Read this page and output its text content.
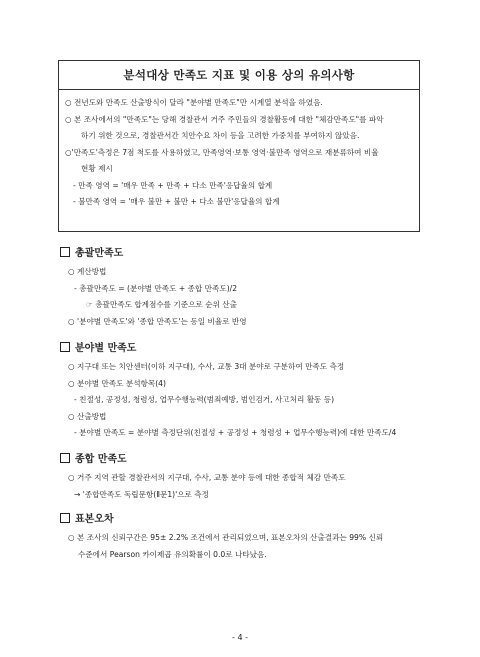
분석대상 만족도 지표 및 이용 상의 유의사항
○ 전년도와 만족도 산출방식이 달라 "분야별 만족도"만 시계열 분석을 하였음.
○ 본 조사에서의 "만족도"는 당해 경찰관서 거주 주민들의 경찰활동에 대한 "체감만족도"를 파악
하기 위한 것으로, 경찰관서간 치안수요 차이 등을 고려한 가중치를 부여하지 않았음.
○'만족도'측정은 7점 척도를 사용하였고, 만족영역·보통 영역·불만족 영역으로 재분류하여 비율
현황 제시
- 만족 영역 = '매우 만족 + 만족 + 다소 만족'응답율의 합계
- 불만족 영역 = '매우 불만 + 불만 + 다소 불만'응답율의 합계
총괄만족도
○ 계산방법
- 총괄만족도 = (분야별 만족도 + 종합 만족도)/2
☞ 총괄만족도 합계점수를 기준으로 순위 산출
○ '분야별 만족도'와 '종합 만족도'는 동일 비율로 반영
분야별 만족도
○ 지구대 또는 치안센터(이하 지구대), 수사, 교통 3대 분야로 구분하여 만족도 측정
○ 분야별 만족도 분석항목(4)
- 친절성, 공정성, 청렴성, 업무수행능력(범죄예방, 범인검거, 사고처리 활동 등)
○ 산출방법
- 분야별 만족도 = 분야별 측정단위(친절성 + 공정성 + 청렴성 + 업무수행능력)에 대한 만족도/4
종합 만족도
○ 거주 지역 관할 경찰관서의 지구대, 수사, 교통 분야 등에 대한 종합적 체감 만족도
→ '종합만족도 독립문항(Ⅱ문1)'으로 측정
표본오차
○ 본 조사의 신뢰구간은 95± 2.2% 조건에서 관리되었으며, 표본오차의 산출결과는 99% 신뢰
수준에서 Pearson 카이제곱 유의확률이 0.0로 나타났음.
- 4 -
